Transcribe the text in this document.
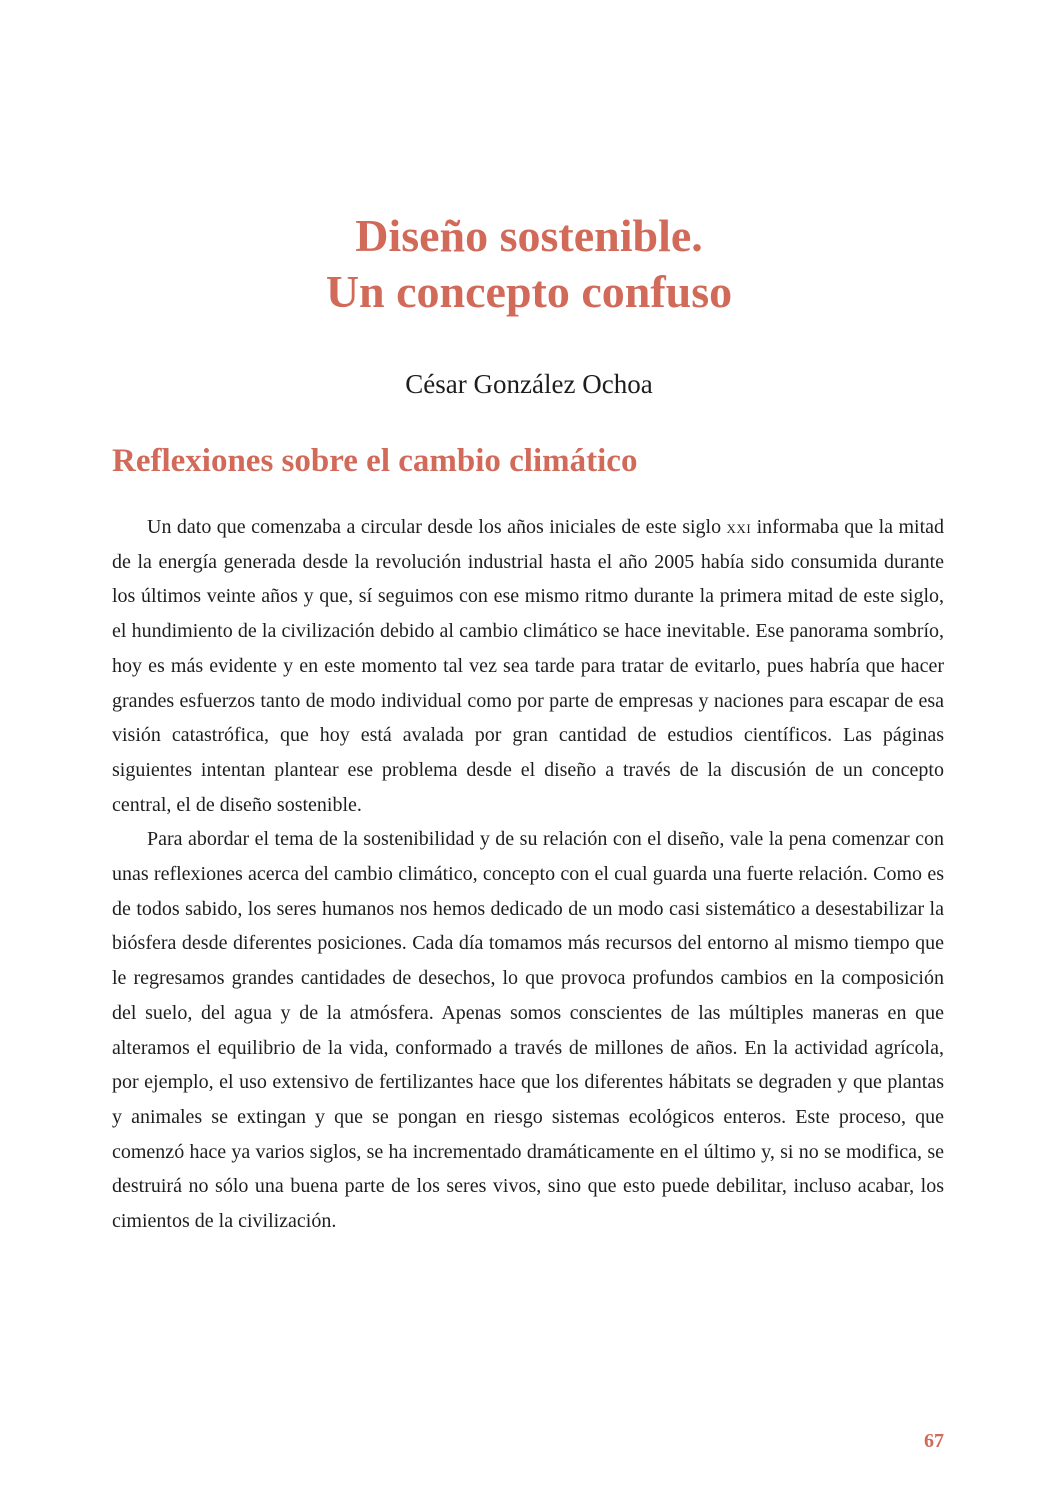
Diseño sostenible.
Un concepto confuso
César González Ochoa
Reflexiones sobre el cambio climático

Un dato que comenzaba a circular desde los años iniciales de este siglo xxi informaba que la mitad de la energía generada desde la revolución industrial hasta el año 2005 había sido consumida durante los últimos veinte años y que, sí seguimos con ese mismo ritmo durante la primera mitad de este siglo, el hundimiento de la civilización debido al cambio climático se hace inevitable. Ese panorama sombrío, hoy es más evidente y en este momento tal vez sea tarde para tratar de evitarlo, pues habría que hacer grandes esfuerzos tanto de modo individual como por parte de empresas y naciones para escapar de esa visión catastrófica, que hoy está avalada por gran cantidad de estudios científicos. Las páginas siguientes intentan plantear ese problema desde el diseño a través de la discusión de un concepto central, el de diseño sostenible.

Para abordar el tema de la sostenibilidad y de su relación con el diseño, vale la pena comenzar con unas reflexiones acerca del cambio climático, concepto con el cual guarda una fuerte relación. Como es de todos sabido, los seres humanos nos hemos dedicado de un modo casi sistemático a desestabilizar la biósfera desde diferentes posiciones. Cada día tomamos más recursos del entorno al mismo tiempo que le regresamos grandes cantidades de desechos, lo que provoca profundos cambios en la composición del suelo, del agua y de la atmósfera. Apenas somos conscientes de las múltiples maneras en que alteramos el equilibrio de la vida, conformado a través de millones de años. En la actividad agrícola, por ejemplo, el uso extensivo de fertilizantes hace que los diferentes hábitats se degraden y que plantas y animales se extingan y que se pongan en riesgo sistemas ecológicos enteros. Este proceso, que comenzó hace ya varios siglos, se ha incrementado dramáticamente en el último y, si no se modifica, se destruirá no sólo una buena parte de los seres vivos, sino que esto puede debilitar, incluso acabar, los cimientos de la civilización.

67
